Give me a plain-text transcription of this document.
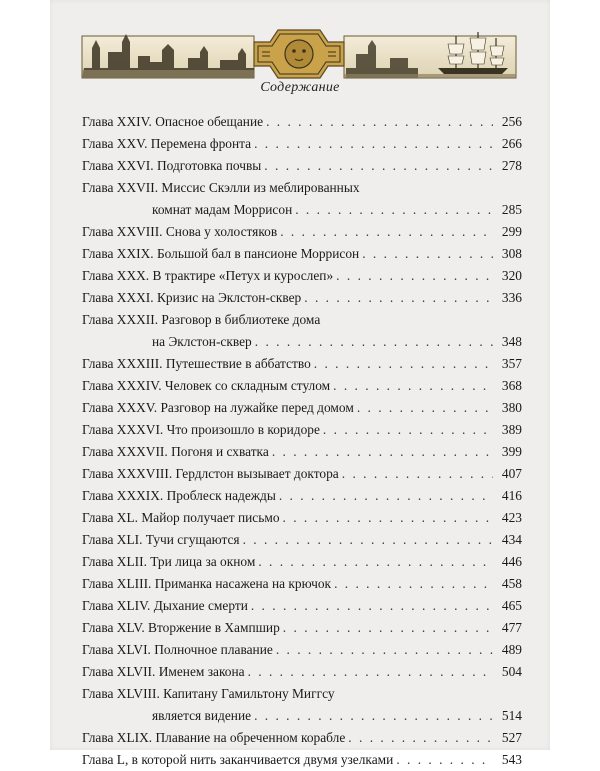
Содержание
Глава XXIV. Опасное обещание . . .	256
Глава XXV. Перемена фронта . . .	266
Глава XXVI. Подготовка почвы . . .	278
Глава XXVII. Миссис Скэлли из меблированных
комнат мадам Моррисон . . .	285
Глава XXVIII. Снова у холостяков . . .	299
Глава XXIX. Большой бал в пансионе Моррисон . . .	308
Глава XXX. В трактире «Петух и курослеп» . . .	320
Глава XXXI. Кризис на Эклстон-сквер . . .	336
Глава XXXII. Разговор в библиотеке дома
на Эклстон-сквер . . .	348
Глава XXXIII. Путешествие в аббатство . . .	357
Глава XXXIV. Человек со складным стулом . . .	368
Глава XXXV. Разговор на лужайке перед домом . . .	380
Глава XXXVI. Что произошло в коридоре . . .	389
Глава XXXVII. Погоня и схватка . . .	399
Глава XXXVIII. Гердлстон вызывает доктора . . .	407
Глава XXXIX. Проблеск надежды . . .	416
Глава XL. Майор получает письмо . . .	423
Глава XLI. Тучи сгущаются . . .	434
Глава XLII. Три лица за окном . . .	446
Глава XLIII. Приманка насажена на крючок . . .	458
Глава XLIV. Дыхание смерти . . .	465
Глава XLV. Вторжение в Хампшир . . .	477
Глава XLVI. Полночное плавание . . .	489
Глава XLVII. Именем закона . . .	504
Глава XLVIII. Капитану Гамильтону Миггсу
является видение . . .	514
Глава XLIX. Плавание на обреченном корабле . . .	527
Глава L, в которой нить заканчивается двумя узелками . . .	543
